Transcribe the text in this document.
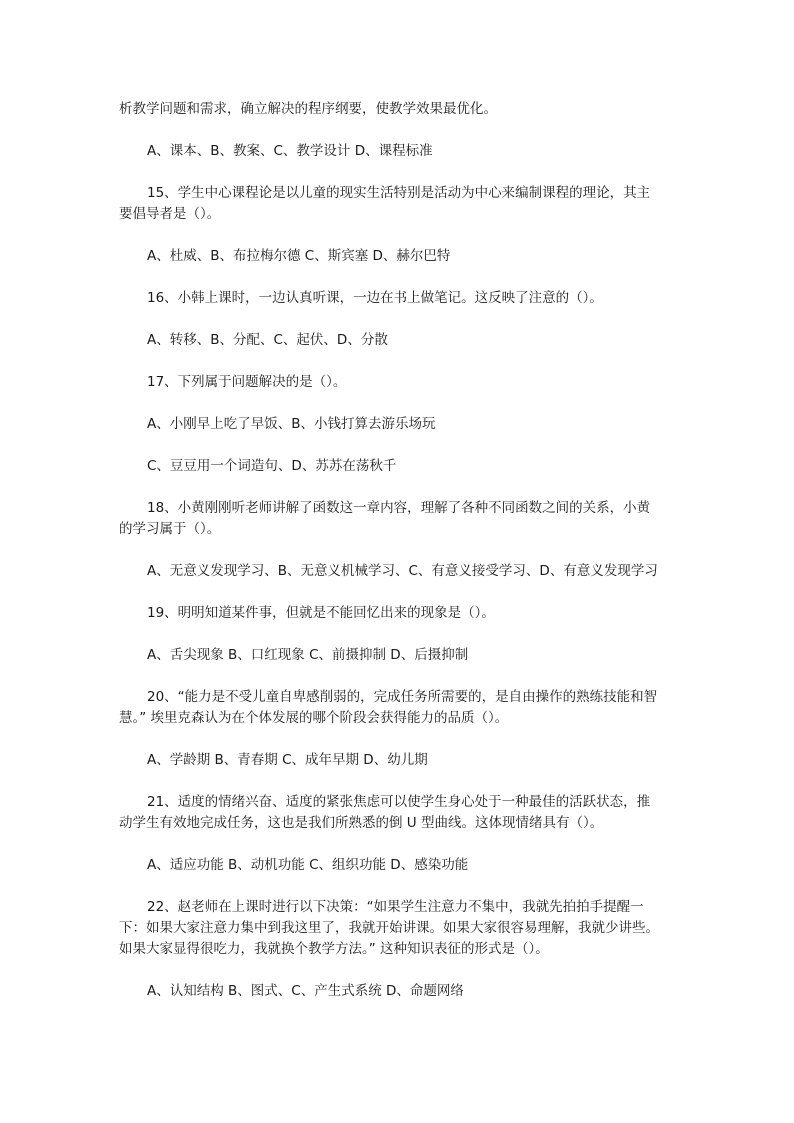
析教学问题和需求，确立解决的程序纲要，使教学效果最优化。

A、课本、B、教案、C、教学设计 D、课程标准

15、学生中心课程论是以儿童的现实生活特别是活动为中心来编制课程的理论，其主
要倡导者是（）。

A、杜威、B、布拉梅尔德 C、斯宾塞 D、赫尔巴特

16、小韩上课时，一边认真听课，一边在书上做笔记。这反映了注意的（）。

A、转移、B、分配、C、起伏、D、分散

17、下列属于问题解决的是（）。

A、小刚早上吃了早饭、B、小钱打算去游乐场玩

C、豆豆用一个词造句、D、苏苏在荡秋千

18、小黄刚刚听老师讲解了函数这一章内容，理解了各种不同函数之间的关系，小黄
的学习属于（）。

A、无意义发现学习、B、无意义机械学习、C、有意义接受学习、D、有意义发现学习

19、明明知道某件事，但就是不能回忆出来的现象是（）。

A、舌尖现象 B、口红现象 C、前摄抑制 D、后摄抑制

20、“能力是不受儿童自卑感削弱的，完成任务所需要的，是自由操作的熟练技能和智
慧。” 埃里克森认为在个体发展的哪个阶段会获得能力的品质（）。

A、学龄期 B、青春期 C、成年早期 D、幼儿期

21、适度的情绪兴奋、适度的紧张焦虑可以使学生身心处于一种最佳的活跃状态，推
动学生有效地完成任务，这也是我们所熟悉的倒 U 型曲线。这体现情绪具有（）。

A、适应功能 B、动机功能 C、组织功能 D、感染功能

22、赵老师在上课时进行以下决策：“如果学生注意力不集中，我就先拍拍手提醒一
下：如果大家注意力集中到我这里了，我就开始讲课。如果大家很容易理解，我就少讲些。
如果大家显得很吃力，我就换个教学方法。” 这种知识表征的形式是（）。

A、认知结构 B、图式、C、产生式系统 D、命题网络
